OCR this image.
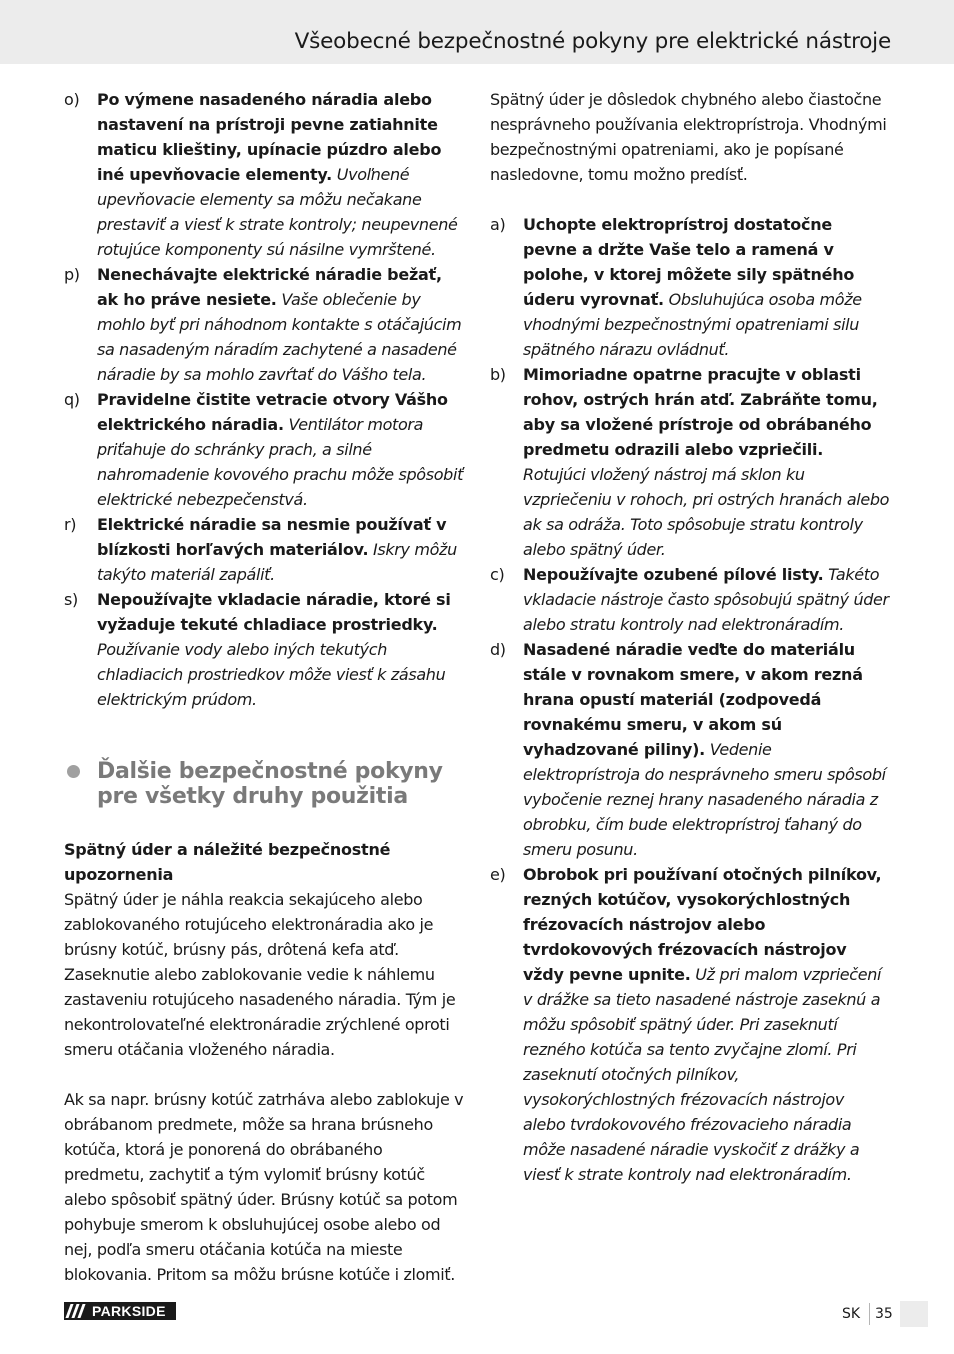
Všeobecné bezpečnostné pokyny pre elektrické nástroje
o) Po výmene nasadeného náradia alebo nastavení na prístroji pevne zatiahnite maticu klieštiny, upínacie púzdro alebo iné upevňovacie elementy. Uvoľnené upevňovacie elementy sa môžu nečakane prestaviť a viesť k strate kontroly; neupevnené rotujúce komponenty sú násilne vymrštené.
p) Nenechávajte elektrické náradie bežať, ak ho práve nesiete. Vaše oblečenie by mohlo byť pri náhodnom kontakte s otáčajúcim sa nasadeným náradím zachytené a nasadené náradie by sa mohlo zavŕtať do Vášho tela.
q) Pravidelne čistite vetracie otvory Vášho elektrického náradia. Ventilátor motora priťahuje do schránky prach, a silné nahromadenie kovového prachu môže spôsobiť elektrické nebezpečenstvá.
r) Elektrické náradie sa nesmie používať v blízkosti horľavých materiálov. Iskry môžu takýto materiál zapáliť.
s) Nepoužívajte vkladacie náradie, ktoré si vyžaduje tekuté chladiace prostriedky. Používanie vody alebo iných tekutých chladiacich prostriedkov môže viesť k zásahu elektrickým prúdom.
Ďalšie bezpečnostné pokyny
pre všetky druhy použitia

Spätný úder a náležité bezpečnostné upozornenia

Spätný úder je náhla reakcia sekajúceho alebo zablokovaného rotujúceho elektronáradia ako je brúsny kotúč, brúsny pás, drôtená kefa atď. Zaseknutie alebo zablokovanie vedie k náhlemu zastaveniu rotujúceho nasadeného náradia. Tým je nekontrolovateľné elektronáradie zrýchlené oproti smeru otáčania vloženého náradia.

Ak sa napr. brúsny kotúč zatrháva alebo zablokuje v obrábanom predmete, môže sa hrana brúsneho kotúča, ktorá je ponorená do obrábaného predmetu, zachytiť a tým vylomiť brúsny kotúč alebo spôsobiť spätný úder. Brúsny kotúč sa potom pohybuje smerom k obsluhujúcej osobe alebo od nej, podľa smeru otáčania kotúča na mieste blokovania. Pritom sa môžu brúsne kotúče i zlomiť.

Spätný úder je dôsledok chybného alebo čiastočne nesprávneho používania elektroprístroja. Vhodnými bezpečnostnými opatreniami, ako je popísané nasledovne, tomu možno predísť.

a) Uchopte elektroprístroj dostatočne pevne a držte Vaše telo a ramená v polohe, v ktorej môžete sily spätného úderu vyrovnať. Obsluhujúca osoba môže vhodnými bezpečnostnými opatreniami silu spätného nárazu ovládnuť.
b) Mimoriadne opatrne pracujte v oblasti rohov, ostrých hrán atď. Zabráňte tomu, aby sa vložené prístroje od obrábaného predmetu odrazili alebo vzpriečili. Rotujúci vložený nástroj má sklon ku vzpriečeniu v rohoch, pri ostrých hranách alebo ak sa odráža. Toto spôsobuje stratu kontroly alebo spätný úder.
c) Nepoužívajte ozubené pílové listy. Takéto vkladacie nástroje často spôsobujú spätný úder alebo stratu kontroly nad elektronáradím.
d) Nasadené náradie veďte do materiálu stále v rovnakom smere, v akom rezná hrana opustí materiál (zodpovedá rovnakému smeru, v akom sú vyhadzované piliny). Vedenie elektroprístroja do nesprávneho smeru spôsobí vybočenie reznej hrany nasadeného náradia z obrobku, čím bude elektroprístroj ťahaný do smeru posunu.
e) Obrobok pri používaní otočných pilníkov, rezných kotúčov, vysokorýchlostných frézovacích nástrojov alebo tvrdokovových frézovacích nástrojov vždy pevne upnite. Už pri malom vzpriečení v drážke sa tieto nasadené nástroje zaseknú a môžu spôsobiť spätný úder. Pri zaseknutí rezného kotúča sa tento zvyčajne zlomí. Pri zaseknutí otočných pilníkov, vysokorýchlostných frézovacích nástrojov alebo tvrdokovového frézovacieho náradia môže nasadené náradie vyskočiť z drážky a viesť k strate kontroly nad elektronáradím.
PARKSIDE	SK 35
